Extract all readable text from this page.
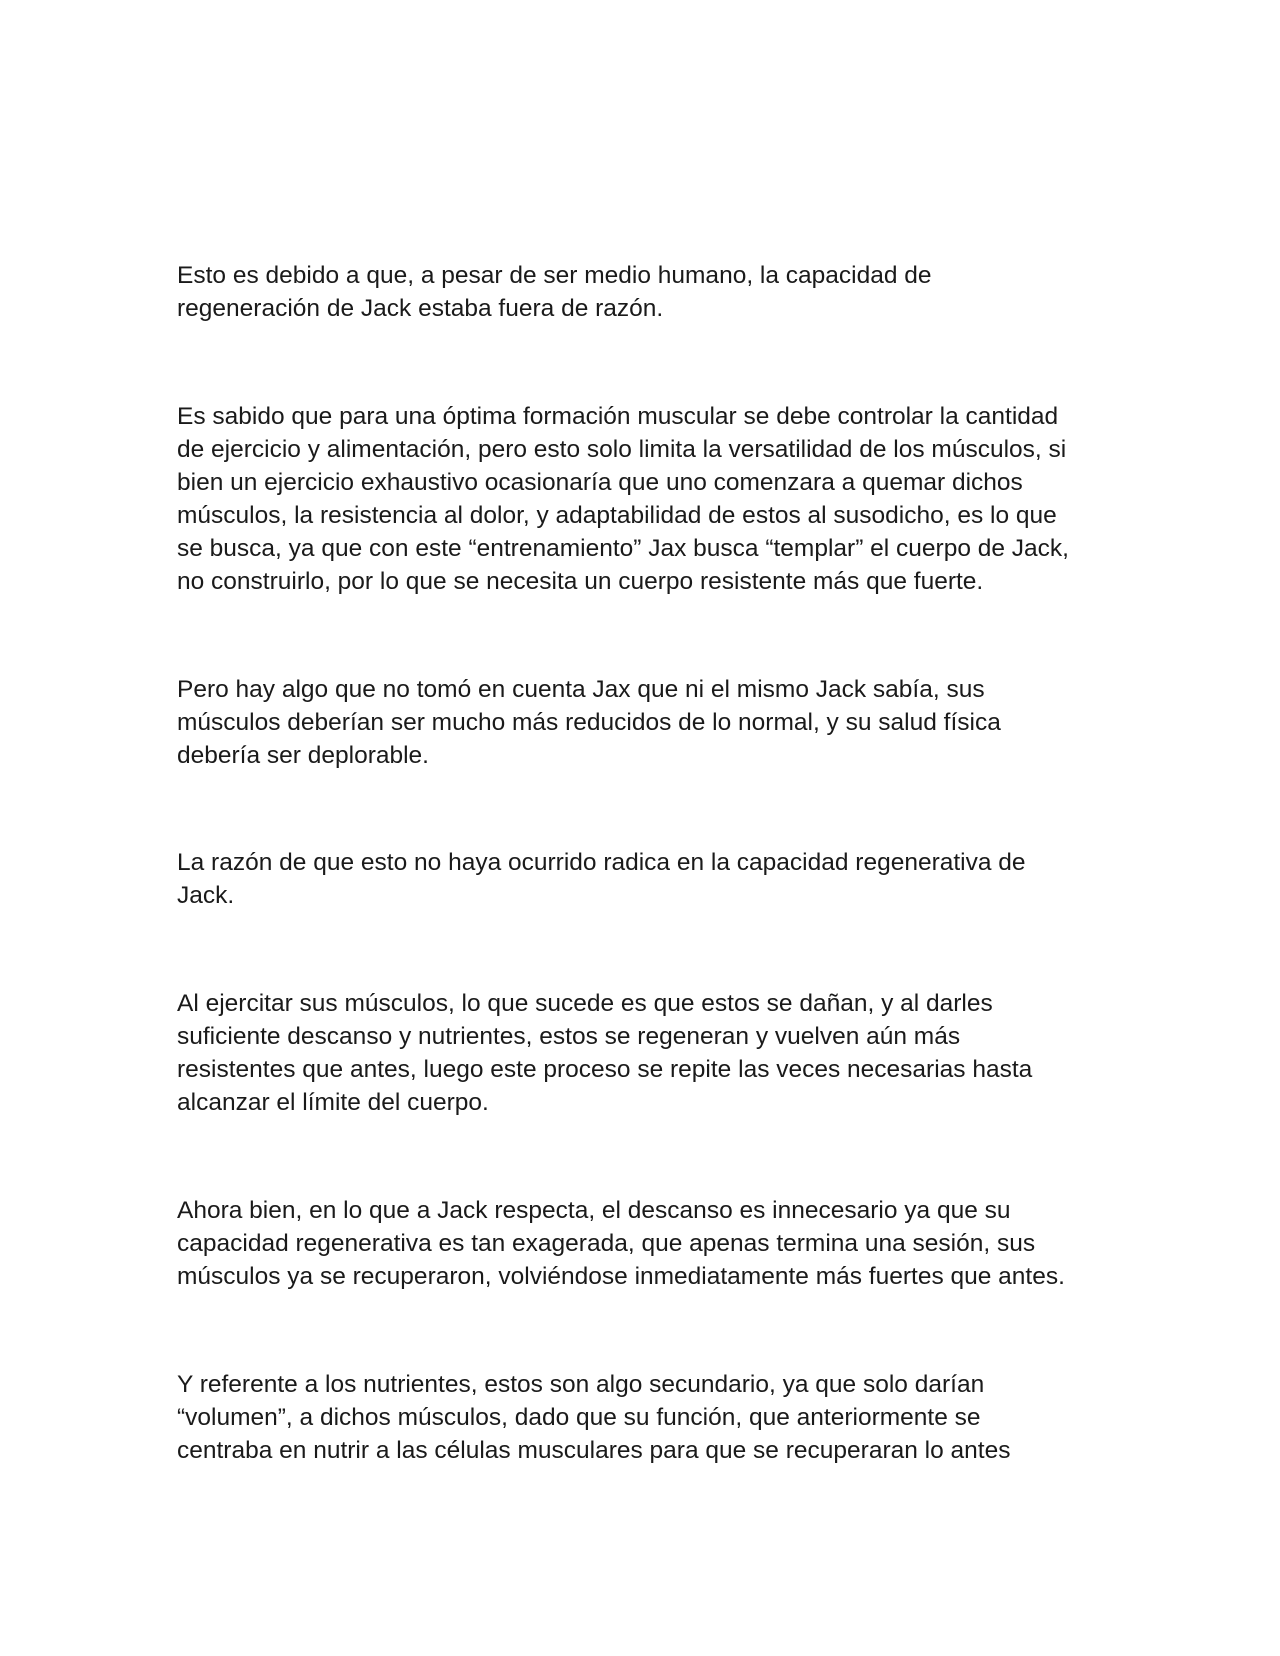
Esto es debido a que, a pesar de ser medio humano, la capacidad de
regeneración de Jack estaba fuera de razón.

Es sabido que para una óptima formación muscular se debe controlar la cantidad
de ejercicio y alimentación, pero esto solo limita la versatilidad de los músculos, si
bien un ejercicio exhaustivo ocasionaría que uno comenzara a quemar dichos
músculos, la resistencia al dolor, y adaptabilidad de estos al susodicho, es lo que
se busca, ya que con este “entrenamiento” Jax busca “templar” el cuerpo de Jack,
no construirlo, por lo que se necesita un cuerpo resistente más que fuerte.

Pero hay algo que no tomó en cuenta Jax que ni el mismo Jack sabía, sus
músculos deberían ser mucho más reducidos de lo normal, y su salud física
debería ser deplorable.

La razón de que esto no haya ocurrido radica en la capacidad regenerativa de
Jack.

Al ejercitar sus músculos, lo que sucede es que estos se dañan, y al darles
suficiente descanso y nutrientes, estos se regeneran y vuelven aún más
resistentes que antes, luego este proceso se repite las veces necesarias hasta
alcanzar el límite del cuerpo.

Ahora bien, en lo que a Jack respecta, el descanso es innecesario ya que su
capacidad regenerativa es tan exagerada, que apenas termina una sesión, sus
músculos ya se recuperaron, volviéndose inmediatamente más fuertes que antes.

Y referente a los nutrientes, estos son algo secundario, ya que solo darían
“volumen”, a dichos músculos, dado que su función, que anteriormente se
centraba en nutrir a las células musculares para que se recuperaran lo antes
